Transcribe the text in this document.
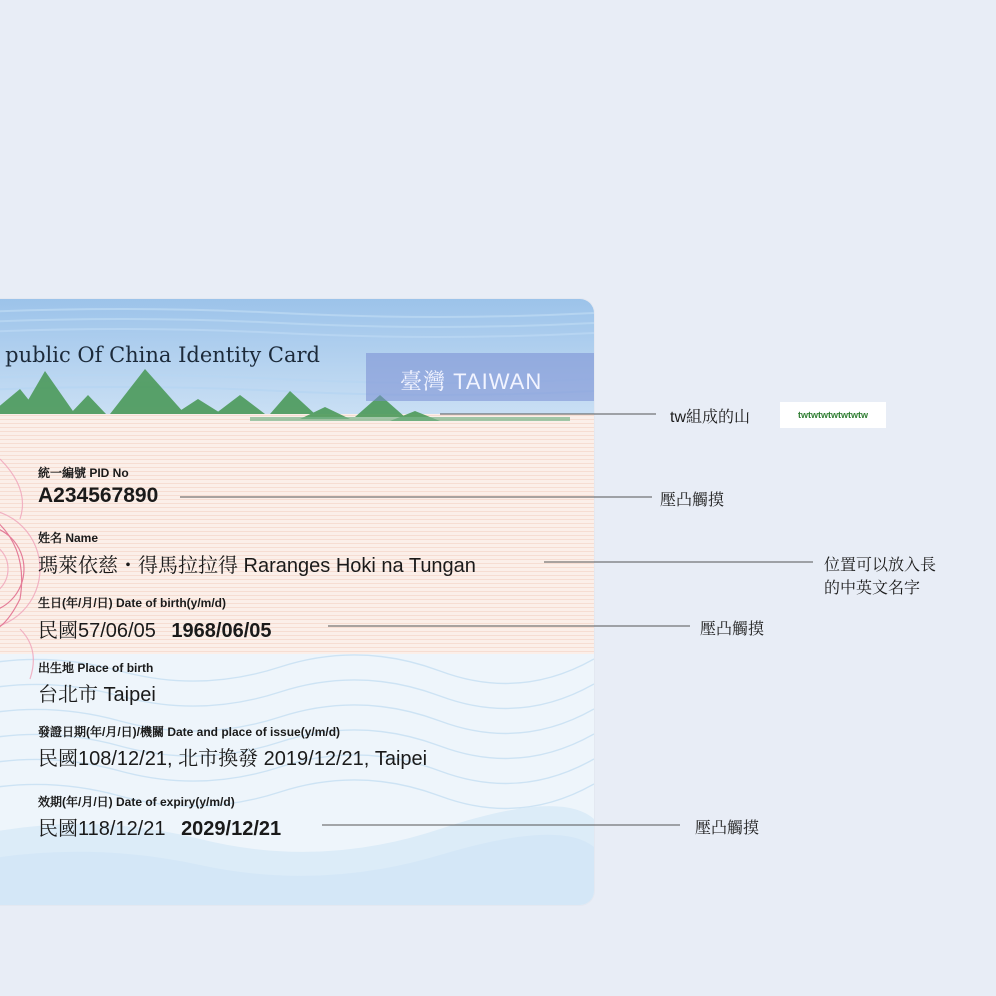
public Of China Identity Card
臺灣 TAIWAN
統一編號 PID No
A234567890
姓名 Name
瑪萊依慈・得馬拉拉得 Raranges Hoki na Tungan
生日(年/月/日) Date of birth(y/m/d)
民國57/06/05 1968/06/05
出生地 Place of birth
台北市 Taipei
發證日期(年/月/日)/機關 Date and place of issue(y/m/d)
民國108/12/21, 北市換發 2019/12/21, Taipei
效期(年/月/日) Date of expiry(y/m/d)
民國118/12/21 2029/12/21
tw組成的山	twtwtwtwtwtwtw
壓凸觸摸
位置可以放入長
的中英文名字
壓凸觸摸
壓凸觸摸
